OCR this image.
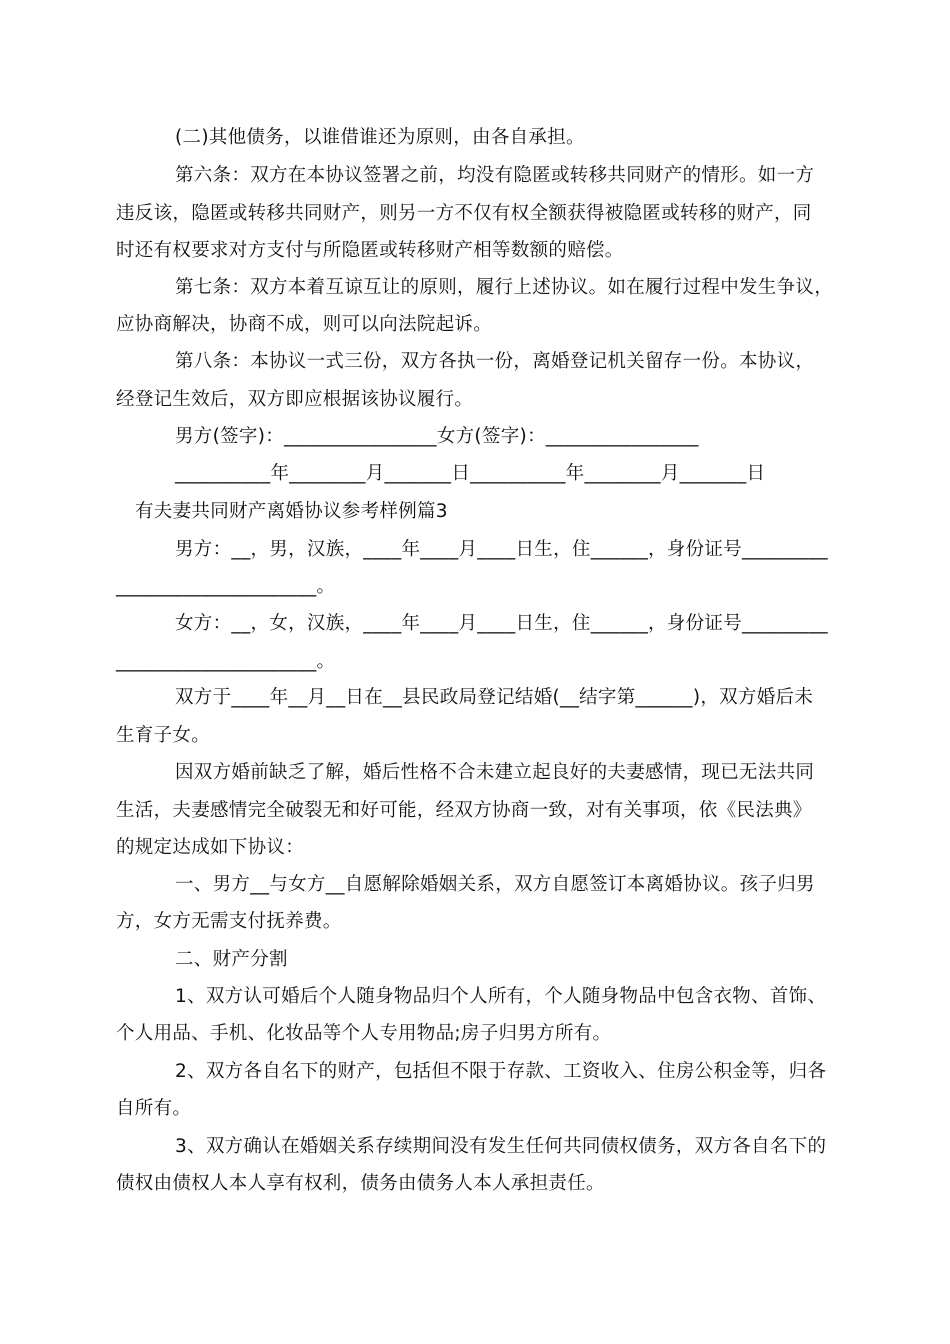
(二)其他债务，以谁借谁还为原则，由各自承担。
第六条：双方在本协议签署之前，均没有隐匿或转移共同财产的情形。如一方
违反该，隐匿或转移共同财产，则另一方不仅有权全额获得被隐匿或转移的财产，同
时还有权要求对方支付与所隐匿或转移财产相等数额的赔偿。
第七条：双方本着互谅互让的原则，履行上述协议。如在履行过程中发生争议，
应协商解决，协商不成，则可以向法院起诉。
第八条：本协议一式三份，双方各执一份，离婚登记机关留存一份。本协议，
经登记生效后，双方即应根据该协议履行。
男方(签字)：________________女方(签字)：________________
__________年________月_______日__________年________月_______日
有夫妻共同财产离婚协议参考样例篇3
男方：__，男，汉族，____年____月____日生，住______，身份证号_________
_____________________。
女方：__，女，汉族，____年____月____日生，住______，身份证号_________
_____________________。
双方于____年__月__日在__县民政局登记结婚(__结字第______)，双方婚后未
生育子女。
因双方婚前缺乏了解，婚后性格不合未建立起良好的夫妻感情，现已无法共同
生活，夫妻感情完全破裂无和好可能，经双方协商一致，对有关事项，依《民法典》
的规定达成如下协议：
一、男方__与女方__自愿解除婚姻关系，双方自愿签订本离婚协议。孩子归男
方，女方无需支付抚养费。
二、财产分割
1、双方认可婚后个人随身物品归个人所有，个人随身物品中包含衣物、首饰、
个人用品、手机、化妆品等个人专用物品;房子归男方所有。
2、双方各自名下的财产，包括但不限于存款、工资收入、住房公积金等，归各
自所有。
3、双方确认在婚姻关系存续期间没有发生任何共同债权债务，双方各自名下的
债权由债权人本人享有权利，债务由债务人本人承担责任。
